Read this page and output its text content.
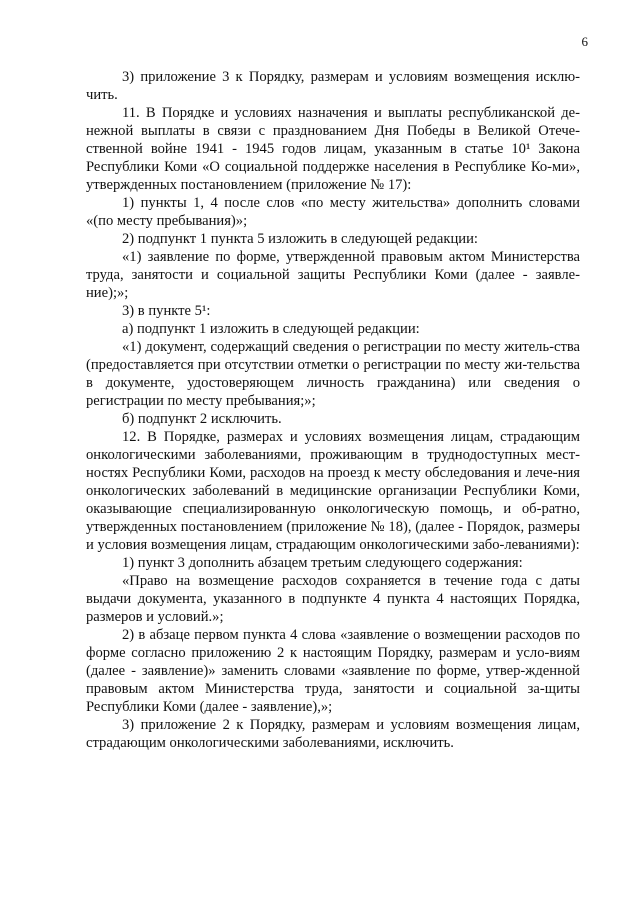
6

3) приложение 3 к Порядку, размерам и условиям возмещения исклю-чить.

11. В Порядке и условиях назначения и выплаты республиканской де-нежной выплаты в связи с празднованием Дня Победы в Великой Отече-ственной войне 1941 - 1945 годов лицам, указанным в статье 10¹ Закона Республики Коми «О социальной поддержке населения в Республике Ко-ми», утвержденных постановлением (приложение № 17):

1) пункты 1, 4 после слов «по месту жительства» дополнить словами «(по месту пребывания)»;

2) подпункт 1 пункта 5 изложить в следующей редакции:

«1) заявление по форме, утвержденной правовым актом Министерства труда, занятости и социальной защиты Республики Коми (далее - заявле-ние);»;

3) в пункте 5¹:

а) подпункт 1 изложить в следующей редакции:

«1) документ, содержащий сведения о регистрации по месту житель-ства (предоставляется при отсутствии отметки о регистрации по месту жи-тельства в документе, удостоверяющем личность гражданина) или сведения о регистрации по месту пребывания;»;

б) подпункт 2 исключить.

12. В Порядке, размерах и условиях возмещения лицам, страдающим онкологическими заболеваниями, проживающим в труднодоступных мест-ностях Республики Коми, расходов на проезд к месту обследования и лече-ния онкологических заболеваний в медицинские организации Республики Коми, оказывающие специализированную онкологическую помощь, и об-ратно, утвержденных постановлением (приложение № 18), (далее - Порядок, размеры и условия возмещения лицам, страдающим онкологическими забо-леваниями):

1) пункт 3 дополнить абзацем третьим следующего содержания:

«Право на возмещение расходов сохраняется в течение года с даты выдачи документа, указанного в подпункте 4 пункта 4 настоящих Порядка, размеров и условий.»;

2) в абзаце первом пункта 4 слова «заявление о возмещении расходов по форме согласно приложению 2 к настоящим Порядку, размерам и усло-виям (далее - заявление)» заменить словами «заявление по форме, утвер-жденной правовым актом Министерства труда, занятости и социальной за-щиты Республики Коми (далее - заявление),»;

3) приложение 2 к Порядку, размерам и условиям возмещения лицам, страдающим онкологическими заболеваниями, исключить.
